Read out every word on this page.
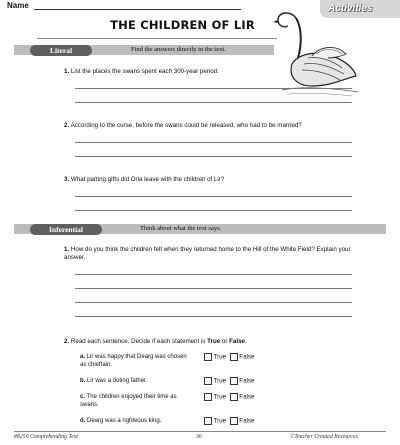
Name	Activities
THE CHILDREN OF LIR
Literal	Find the answers directly in the text.
1. List the places the swans spent each 300-year period.
2. According to the curse, before the swans could be released, who had to be married?
3. What parting gifts did Orla leave with the children of Lir?
Inferential	Think about what the text says.
1. How do you think the children felt when they returned home to the Hill of the White Field? Explain your answer.
2. Read each sentence. Decide if each statement is True or False.
a. Lir was happy that Dearg was chosen as chieftain.
True False
b. Lir was a doting father.	True False
c. The children enjoyed their time as swans.
True False
d. Dearg was a righteous king.	True False
#8250 Comprehending Text	36	©Teacher Created Resources
